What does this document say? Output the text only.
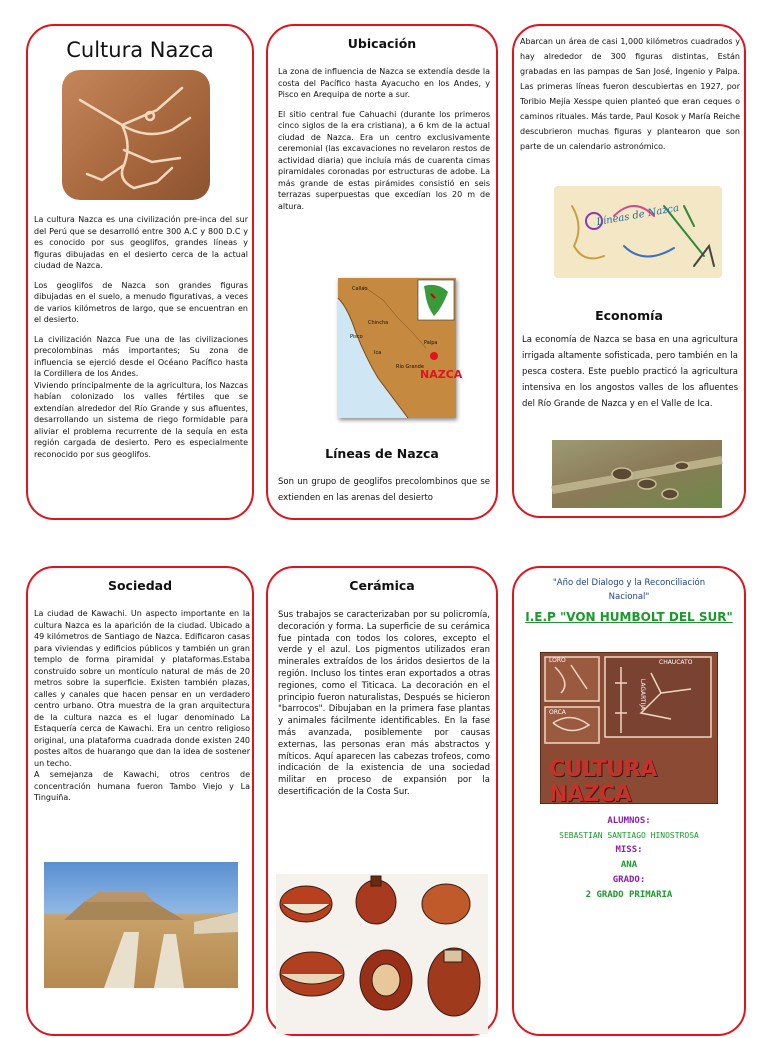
Cultura Nazca

La cultura Nazca es una civilización pre-inca del sur del Perú que se desarrolló entre 300 A.C y 800 D.C y es conocido por sus geoglifos, grandes líneas y figuras dibujadas en el desierto cerca de la actual ciudad de Nazca.

Los geoglifos de Nazca son grandes figuras dibujadas en el suelo, a menudo figurativas, a veces de varios kilómetros de largo, que se encuentran en el desierto.

La civilización Nazca Fue una de las civilizaciones precolombinas más importantes; Su zona de influencia se ejerció desde el Océano Pacífico hasta la Cordillera de los Andes.
Viviendo principalmente de la agricultura, los Nazcas habían colonizado los valles fértiles que se extendían alrededor del Río Grande y sus afluentes, desarrollando un sistema de riego formidable para aliviar el problema recurrente de la sequía en esta región cargada de desierto. Pero es especialmente reconocido por sus geoglifos.

Ubicación

La zona de influencia de Nazca se extendía desde la costa del Pacífico hasta Ayacucho en los Andes, y Pisco en Arequipa de norte a sur.

El sitio central fue Cahuachi (durante los primeros cinco siglos de la era cristiana), a 6 km de la actual ciudad de Nazca. Era un centro exclusivamente ceremonial (las excavaciones no revelaron restos de actividad diaria) que incluía más de cuarenta cimas piramidales coronadas por estructuras de adobe. La más grande de estas pirámides consistió en seis terrazas superpuestas que excedían los 20 m de altura.

Callao
Chincha
Pisco
Ica
Palpa
Río Grande
NAZCA
Líneas de Nazca
Son un grupo de geoglifos precolombinos que se extienden en las arenas del desierto
Abarcan un área de casi 1,000 kilómetros cuadrados y hay alrededor de 300 figuras distintas, Están grabadas en las pampas de San José, Ingenio y Palpa. Las primeras líneas fueron descubiertas en 1927, por Toribio Mejía Xesspe quien planteó que eran ceques o caminos rituales. Más tarde, Paul Kosok y María Reiche descubrieron muchas figuras y plantearon que son parte de un calendario astronómico.
Líneas de Nazca
Economía
La economía de Nazca se basa en una agricultura irrigada altamente sofisticada, pero también en la pesca costera. Este pueblo practicó la agricultura intensiva en los angostos valles de los afluentes del Río Grande de Nazca y en el Valle de Ica.
Sociedad
La ciudad de Kawachi. Un aspecto importante en la cultura Nazca es la aparición de la ciudad. Ubicado a 49 kilómetros de Santiago de Nazca. Edificaron casas para viviendas y edificios públicos y también un gran templo de forma piramidal y plataformas.Estaba construido sobre un montículo natural de más de 20 metros sobre la superficie. Existen también plazas, calles y canales que hacen pensar en un verdadero centro urbano. Otra muestra de la gran arquitectura de la cultura nazca es el lugar denominado La Estaquería cerca de Kawachi. Era un centro religioso original, una plataforma cuadrada donde existen 240 postes altos de huarango que dan la idea de sostener un techo.
A semejanza de Kawachi, otros centros de concentración humana fueron Tambo Viejo y La Tinguiña.
Cerámica
Sus trabajos se caracterizaban por su policromía, decoración y forma. La superficie de su cerámica fue pintada con todos los colores, excepto el verde y el azul. Los pigmentos utilizados eran minerales extraídos de los áridos desiertos de la región. Incluso los tintes eran exportados a otras regiones, como el Titicaca. La decoración en el principio fueron naturalistas, Después se hicieron "barrocos". Dibujaban en la primera fase plantas y animales fácilmente identificables. En la fase más avanzada, posiblemente por causas externas, las personas eran más abstractos y míticos. Aquí aparecen las cabezas trofeos, como indicación de la existencia de una sociedad militar en proceso de expansión por la desertificación de la Costa Sur.
"Año del Dialogo y la Reconciliación Nacional"
I.E.P "VON HUMBOLT DEL SUR"
LORO	CHAUCATO
ORCA
LAGARTIJA
CULTURA NAZCA
ALUMNOS:
SEBASTIAN SANTIAGO HINOSTROSA
MISS:
ANA
GRADO:
2 GRADO PRIMARIA
